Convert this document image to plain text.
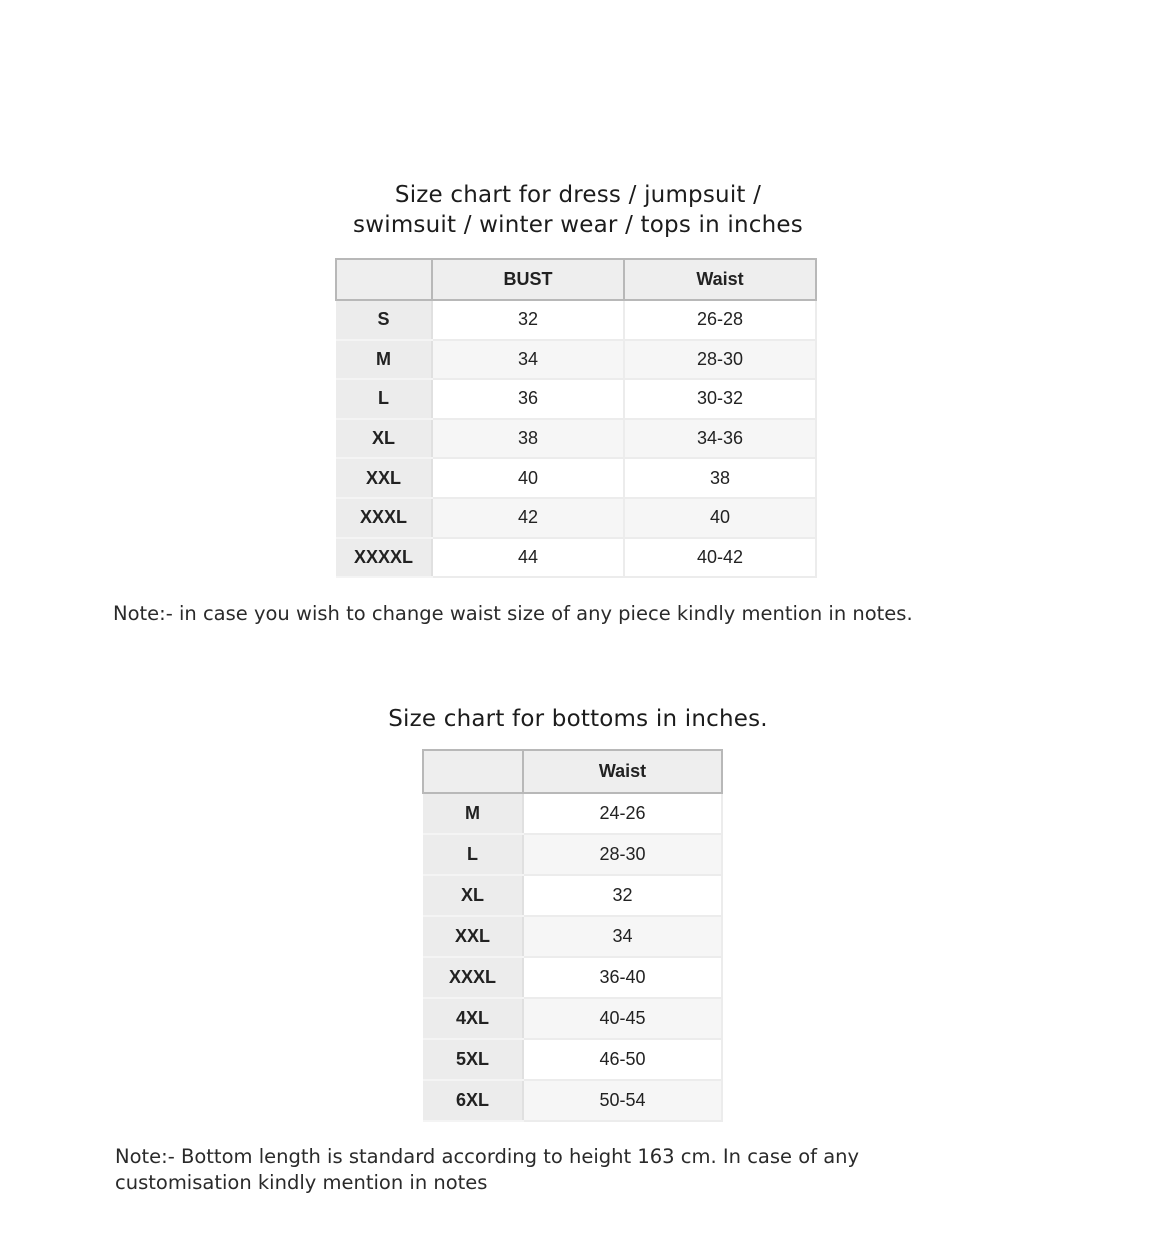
Size chart for dress / jumpsuit /
swimsuit / winter wear / tops in inches
	BUST	Waist
S	32	26-28
M	34	28-30
L	36	30-32
XL	38	34-36
XXL	40	38
XXXL	42	40
XXXXL	44	40-42

Note:- in case you wish to change waist size of any piece kindly mention in notes.

Size chart for bottoms in inches.
	Waist
M	24-26
L	28-30
XL	32
XXL	34
XXXL	36-40
4XL	40-45
5XL	46-50
6XL	50-54

Note:- Bottom length is standard according to height 163 cm. In case of any
customisation kindly mention in notes
